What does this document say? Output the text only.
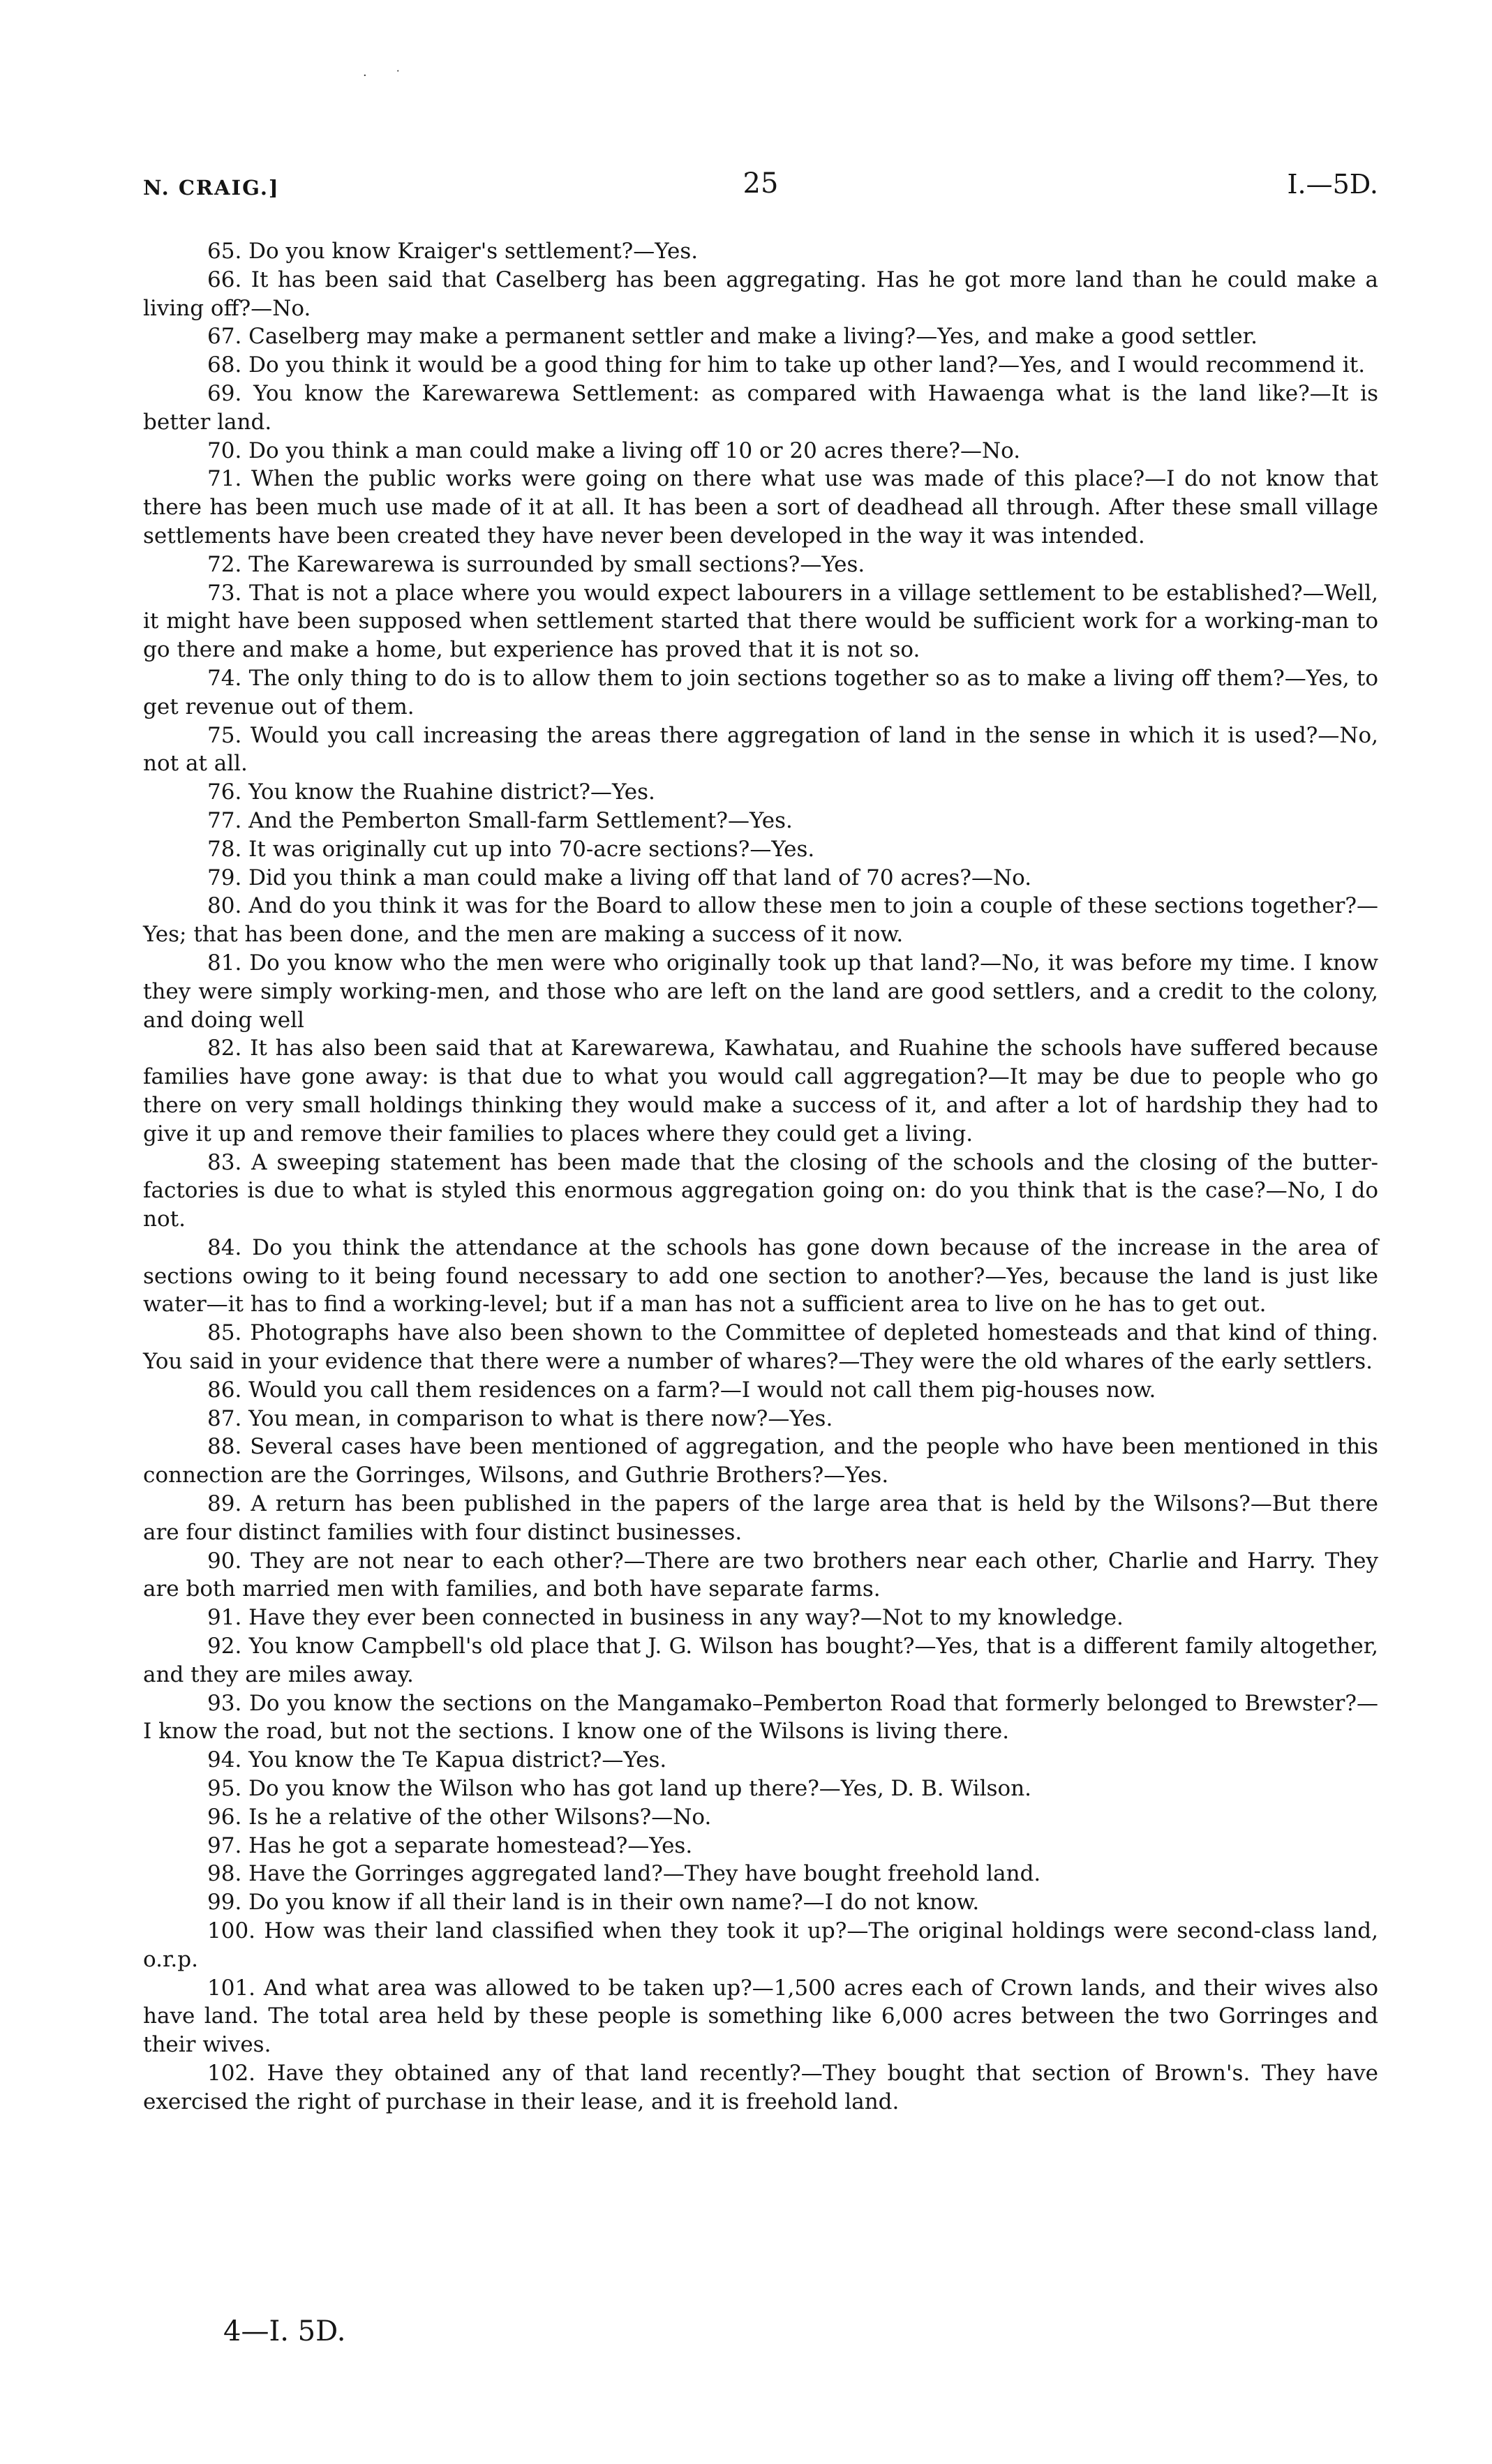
·˙
N. CRAIG.]	25	I.—5D.

65. Do you know Kraiger's settlement?—Yes.

66. It has been said that Caselberg has been aggregating. Has he got more land than he could make a living off?—No.

67. Caselberg may make a permanent settler and make a living?—Yes, and make a good settler.

68. Do you think it would be a good thing for him to take up other land?—Yes, and I would recommend it.

69. You know the Karewarewa Settlement: as compared with Hawaenga what is the land like?—It is better land.

70. Do you think a man could make a living off 10 or 20 acres there?—No.

71. When the public works were going on there what use was made of this place?—I do not know that there has been much use made of it at all. It has been a sort of deadhead all through. After these small village settlements have been created they have never been developed in the way it was intended.

72. The Karewarewa is surrounded by small sections?—Yes.

73. That is not a place where you would expect labourers in a village settlement to be established?—Well, it might have been supposed when settlement started that there would be sufficient work for a working-man to go there and make a home, but experience has proved that it is not so.

74. The only thing to do is to allow them to join sections together so as to make a living off them?—Yes, to get revenue out of them.

75. Would you call increasing the areas there aggregation of land in the sense in which it is used?—No, not at all.

76. You know the Ruahine district?—Yes.

77. And the Pemberton Small-farm Settlement?—Yes.

78. It was originally cut up into 70-acre sections?—Yes.

79. Did you think a man could make a living off that land of 70 acres?—No.

80. And do you think it was for the Board to allow these men to join a couple of these sections together?—Yes; that has been done, and the men are making a success of it now.

81. Do you know who the men were who originally took up that land?—No, it was before my time. I know they were simply working-men, and those who are left on the land are good settlers, and a credit to the colony, and doing well

82. It has also been said that at Karewarewa, Kawhatau, and Ruahine the schools have suffered because families have gone away: is that due to what you would call aggregation?—It may be due to people who go there on very small holdings thinking they would make a success of it, and after a lot of hardship they had to give it up and remove their families to places where they could get a living.

83. A sweeping statement has been made that the closing of the schools and the closing of the butter-factories is due to what is styled this enormous aggregation going on: do you think that is the case?—No, I do not.

84. Do you think the attendance at the schools has gone down because of the increase in the area of sections owing to it being found necessary to add one section to another?—Yes, because the land is just like water—it has to find a working-level; but if a man has not a sufficient area to live on he has to get out.

85. Photographs have also been shown to the Committee of depleted homesteads and that kind of thing. You said in your evidence that there were a number of whares?—They were the old whares of the early settlers.

86. Would you call them residences on a farm?—I would not call them pig-houses now.

87. You mean, in comparison to what is there now?—Yes.

88. Several cases have been mentioned of aggregation, and the people who have been mentioned in this connection are the Gorringes, Wilsons, and Guthrie Brothers?—Yes.

89. A return has been published in the papers of the large area that is held by the Wilsons?—But there are four distinct families with four distinct businesses.

90. They are not near to each other?—There are two brothers near each other, Charlie and Harry. They are both married men with families, and both have separate farms.

91. Have they ever been connected in business in any way?—Not to my knowledge.

92. You know Campbell's old place that J. G. Wilson has bought?—Yes, that is a different family altogether, and they are miles away.

93. Do you know the sections on the Mangamako–Pemberton Road that formerly belonged to Brewster?—I know the road, but not the sections. I know one of the Wilsons is living there.

94. You know the Te Kapua district?—Yes.

95. Do you know the Wilson who has got land up there?—Yes, D. B. Wilson.

96. Is he a relative of the other Wilsons?—No.

97. Has he got a separate homestead?—Yes.

98. Have the Gorringes aggregated land?—They have bought freehold land.

99. Do you know if all their land is in their own name?—I do not know.

100. How was their land classified when they took it up?—The original holdings were second-class land, o.r.p.

101. And what area was allowed to be taken up?—1,500 acres each of Crown lands, and their wives also have land. The total area held by these people is something like 6,000 acres between the two Gorringes and their wives.

102. Have they obtained any of that land recently?—They bought that section of Brown's. They have exercised the right of purchase in their lease, and it is freehold land.

4—I. 5D.
